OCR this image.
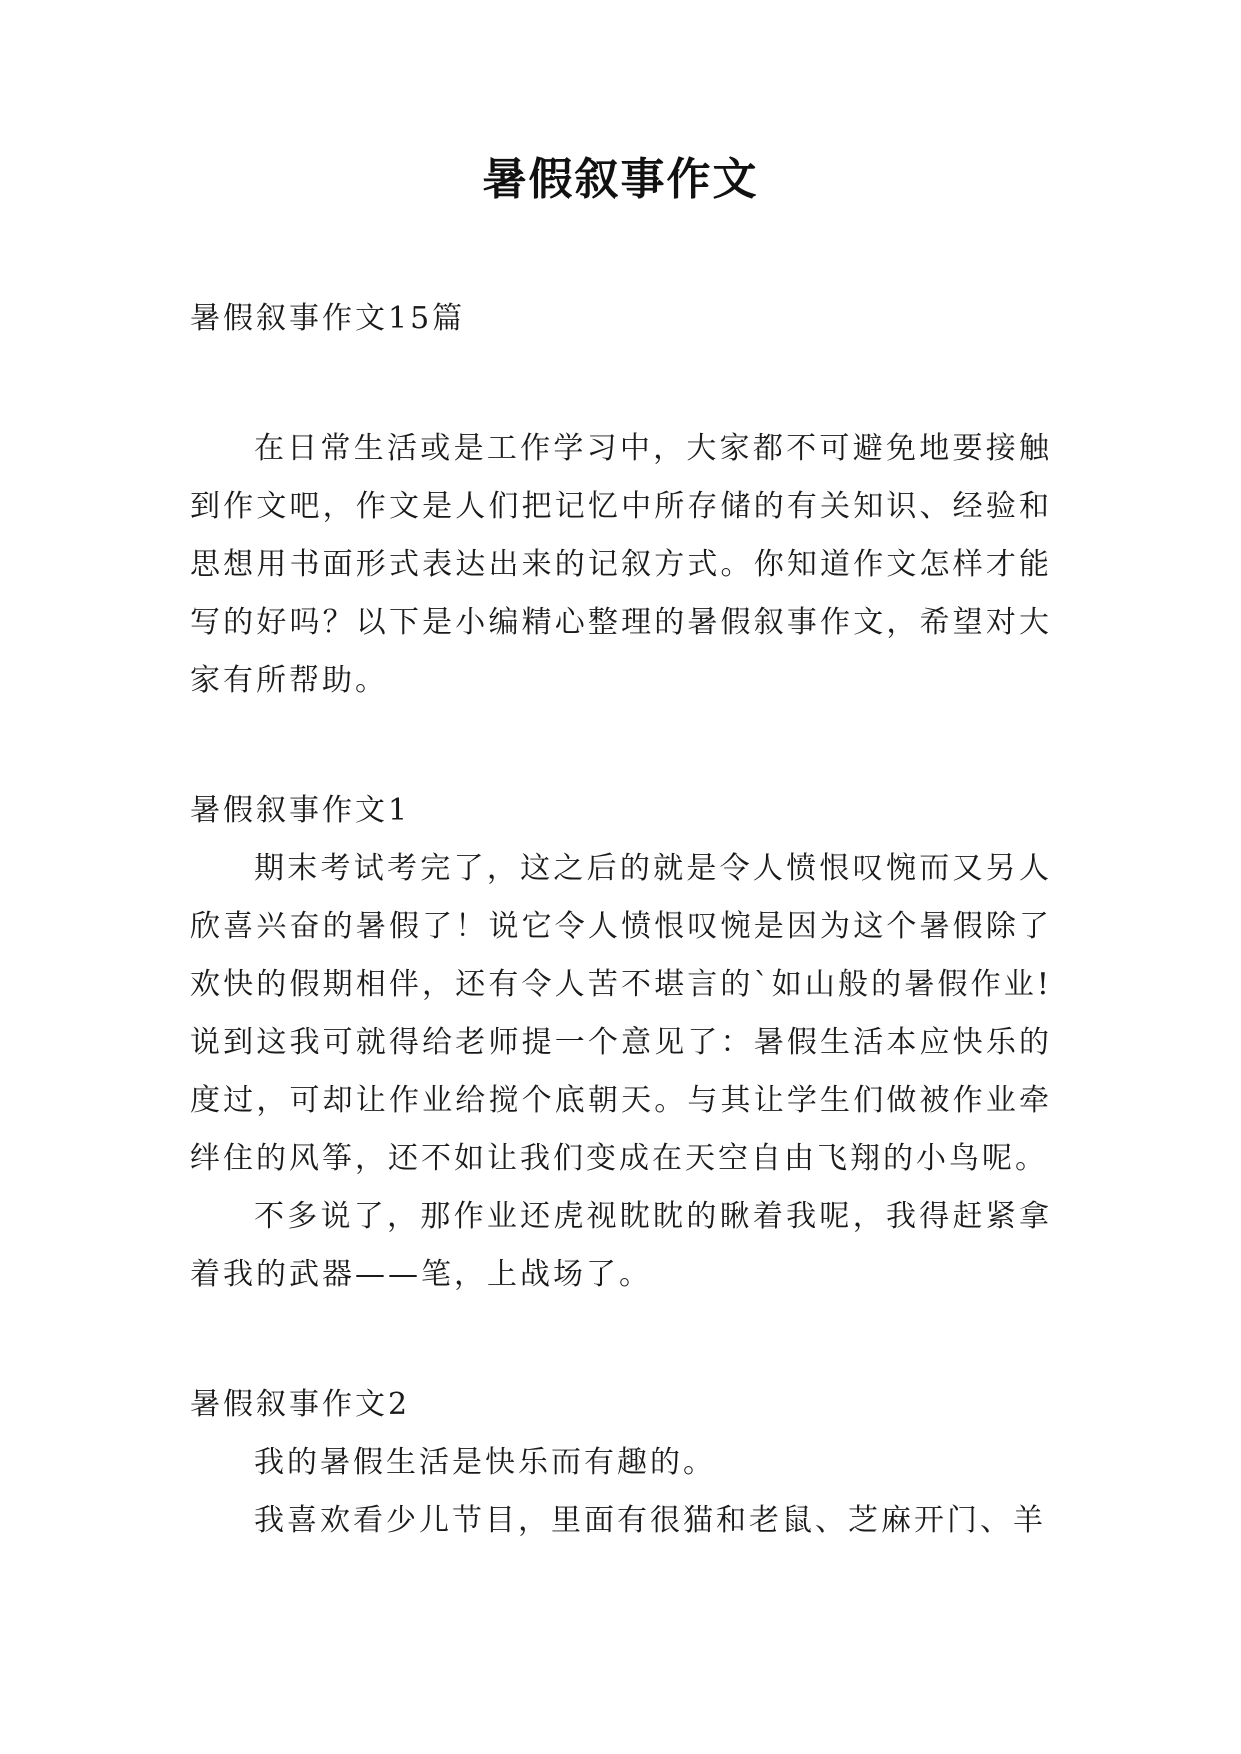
暑假叙事作文

暑假叙事作文15篇

在日常生活或是工作学习中，大家都不可避免地要接触到作文吧，作文是人们把记忆中所存储的有关知识、经验和思想用书面形式表达出来的记叙方式。你知道作文怎样才能写的好吗？以下是小编精心整理的暑假叙事作文，希望对大家有所帮助。

暑假叙事作文1

期末考试考完了，这之后的就是令人愤恨叹惋而又另人欣喜兴奋的暑假了！说它令人愤恨叹惋是因为这个暑假除了欢快的假期相伴，还有令人苦不堪言的`如山般的暑假作业!说到这我可就得给老师提一个意见了：暑假生活本应快乐的度过，可却让作业给搅个底朝天。与其让学生们做被作业牵绊住的风筝，还不如让我们变成在天空自由飞翔的小鸟呢。

不多说了，那作业还虎视眈眈的瞅着我呢，我得赶紧拿着我的武器——笔，上战场了。

暑假叙事作文2

我的暑假生活是快乐而有趣的。

我喜欢看少儿节目，里面有很猫和老鼠、芝麻开门、羊
